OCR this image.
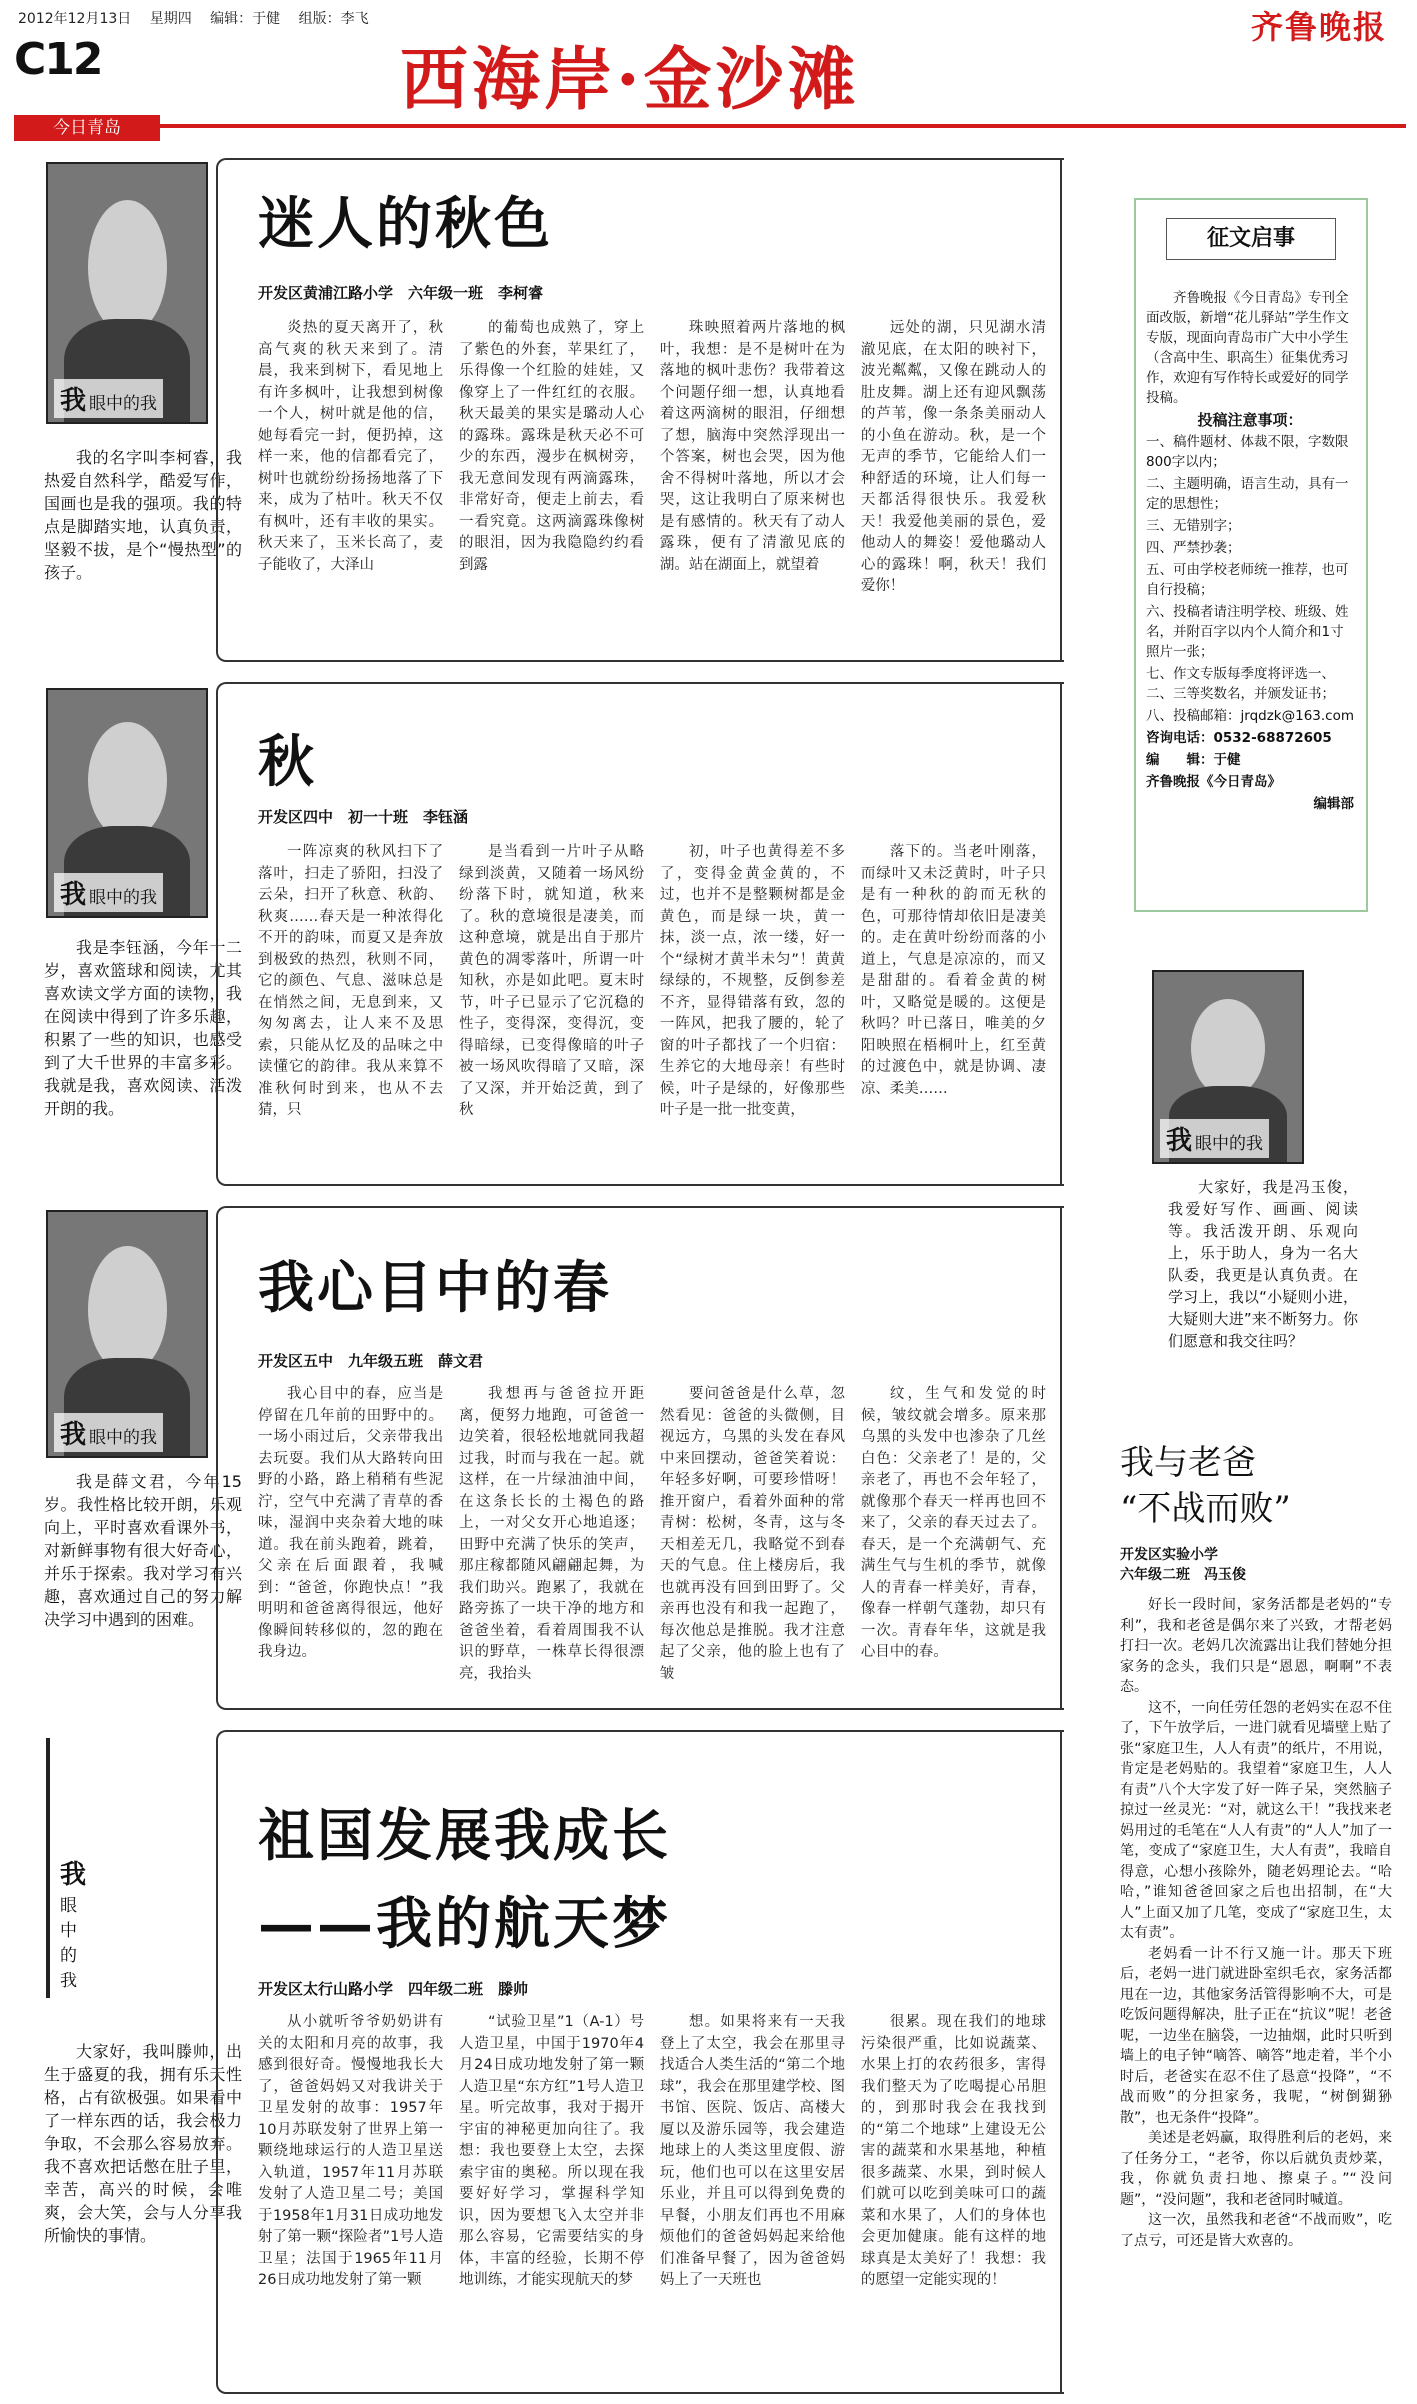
2012年12月13日 星期四 编辑：于健 组版：李飞	齐鲁晚报
C12	西海岸·金沙滩
今日青岛
我眼中的我
我的名字叫李柯睿，我热爱自然科学，酷爱写作，国画也是我的强项。我的特点是脚踏实地，认真负责，坚毅不拔，是个“慢热型”的孩子。
迷人的秋色
开发区黄浦江路小学　六年级一班　李柯睿

炎热的夏天离开了，秋高气爽的秋天来到了。清晨，我来到树下，看见地上有许多枫叶，让我想到树像一个人，树叶就是他的信，她每看完一封，便扔掉，这样一来，他的信都看完了，树叶也就纷纷扬扬地落了下来，成为了枯叶。秋天不仅有枫叶，还有丰收的果实。秋天来了，玉米长高了，麦子能收了，大泽山

的葡萄也成熟了，穿上了紫色的外套，苹果红了，乐得像一个红脸的娃娃，又像穿上了一件红红的衣服。秋天最美的果实是璐动人心的露珠。露珠是秋天必不可少的东西，漫步在枫树旁，我无意间发现有两滴露珠，非常好奇，便走上前去，看一看究竟。这两滴露珠像树的眼泪，因为我隐隐约约看到露

珠映照着两片落地的枫叶，我想：是不是树叶在为落地的枫叶悲伤？我带着这个问题仔细一想，认真地看着这两滴树的眼泪，仔细想了想，脑海中突然浮现出一个答案，树也会哭，因为他舍不得树叶落地，所以才会哭，这让我明白了原来树也是有感情的。秋天有了动人露珠，便有了清澈见底的湖。站在湖面上，就望着

远处的湖，只见湖水清澈见底，在太阳的映衬下，波光粼粼，又像在跳动人的肚皮舞。湖上还有迎风飘荡的芦苇，像一条条美丽动人的小鱼在游动。秋，是一个无声的季节，它能给人们一种舒适的环境，让人们每一天都活得很快乐。我爱秋天！我爱他美丽的景色，爱他动人的舞姿！爱他璐动人心的露珠！啊，秋天！我们爱你！

我眼中的我
我是李钰涵，今年十二岁，喜欢篮球和阅读，尤其喜欢读文学方面的读物，我在阅读中得到了许多乐趣，积累了一些的知识，也感受到了大千世界的丰富多彩。我就是我，喜欢阅读、活泼开朗的我。
秋
开发区四中　初一十班　李钰涵

一阵凉爽的秋风扫下了落叶，扫走了骄阳，扫没了云朵，扫开了秋意、秋韵、秋爽……春天是一种浓得化不开的韵味，而夏又是奔放到极致的热烈，秋则不同，它的颜色、气息、滋味总是在悄然之间，无息到来，又匆匆离去，让人来不及思索，只能从忆及的品味之中读懂它的韵律。我从来算不准秋何时到来，也从不去猜，只

是当看到一片叶子从略绿到淡黄，又随着一场风纷纷落下时，就知道，秋来了。秋的意境很是凄美，而这种意境，就是出自于那片黄色的凋零落叶，所谓一叶知秋，亦是如此吧。夏末时节，叶子已显示了它沉稳的性子，变得深，变得沉，变得暗绿，已变得像暗的叶子被一场风吹得暗了又暗，深了又深，并开始泛黄，到了秋

初，叶子也黄得差不多了，变得金黄金黄的，不过，也并不是整颗树都是金黄色，而是绿一块，黄一抹，淡一点，浓一缕，好一个“绿树才黄半未匀”！黄黄绿绿的，不规整，反倒参差不齐，显得错落有致，忽的一阵风，把我了腰的，轮了窗的叶子都找了一个归宿：生养它的大地母亲！有些时候，叶子是绿的，好像那些叶子是一批一批变黄，

落下的。当老叶刚落，而绿叶又未泛黄时，叶子只是有一种秋的韵而无秋的色，可那待情却依旧是凄美的。走在黄叶纷纷而落的小道上，气息是凉凉的，而又是甜甜的。看着金黄的树叶，又略觉是暖的。这便是秋吗？叶已落日，唯美的夕阳映照在梧桐叶上，红至黄的过渡色中，就是协调、凄凉、柔美……

我眼中的我
我是薛文君，今年15岁。我性格比较开朗，乐观向上，平时喜欢看课外书，对新鲜事物有很大好奇心，并乐于探索。我对学习有兴趣，喜欢通过自己的努力解决学习中遇到的困难。
我心目中的春
开发区五中　九年级五班　薛文君

我心目中的春，应当是停留在几年前的田野中的。一场小雨过后，父亲带我出去玩耍。我们从大路转向田野的小路，路上稍稍有些泥泞，空气中充满了青草的香味，湿润中夹杂着大地的味道。我在前头跑着，跳着，父亲在后面跟着，我喊到：“爸爸，你跑快点！”我明明和爸爸离得很远，他好像瞬间转移似的，忽的跑在我身边。

我想再与爸爸拉开距离，便努力地跑，可爸爸一边笑着，很轻松地就同我超过我，时而与我在一起。就这样，在一片绿油油中间，在这条长长的土褐色的路上，一对父女开心地追逐；田野中充满了快乐的笑声，那庄稼都随风翩翩起舞，为我们助兴。跑累了，我就在路旁拣了一块干净的地方和爸爸坐着，看着周围我不认识的野草，一株草长得很漂亮，我抬头

要问爸爸是什么草，忽然看见：爸爸的头微侧，目视远方，乌黑的头发在春风中来回摆动，爸爸笑着说：年轻多好啊，可要珍惜呀！推开窗户，看着外面种的常青树：松树，冬青，这与冬天相差无几，我略觉不到春天的气息。住上楼房后，我也就再没有回到田野了。父亲再也没有和我一起跑了，每次他总是推脱。我才注意起了父亲，他的脸上也有了皱

纹，生气和发觉的时候，皱纹就会增多。原来那乌黑的头发中也渗杂了几丝白色：父亲老了！是的，父亲老了，再也不会年轻了，就像那个春天一样再也回不来了，父亲的春天过去了。春天，是一个充满朝气、充满生气与生机的季节，就像人的青春一样美好，青春，像春一样朝气蓬勃，却只有一次。青春年华，这就是我心目中的春。

我眼中的我
大家好，我叫滕帅，出生于盛夏的我，拥有乐天性格，占有欲极强。如果看中了一样东西的话，我会极力争取，不会那么容易放弃。我不喜欢把话憋在肚子里，幸苦，高兴的时候，会唯爽，会大笑，会与人分享我所愉快的事情。
祖国发展我成长
——我的航天梦
开发区太行山路小学　四年级二班　滕帅

从小就听爷爷奶奶讲有关的太阳和月亮的故事，我感到很好奇。慢慢地我长大了，爸爸妈妈又对我讲关于卫星发射的故事：1957年10月苏联发射了世界上第一颗绕地球运行的人造卫星送入轨道，1957年11月苏联发射了人造卫星二号；美国于1958年1月31日成功地发射了第一颗“探险者”1号人造卫星；法国于1965年11月26日成功地发射了第一颗

“试验卫星”1（A-1）号人造卫星，中国于1970年4月24日成功地发射了第一颗人造卫星“东方红”1号人造卫星。听完故事，我对于揭开宇宙的神秘更加向往了。我想：我也要登上太空，去探索宇宙的奥秘。所以现在我要好好学习，掌握科学知识，因为要想飞入太空并非那么容易，它需要结实的身体，丰富的经验，长期不停地训练，才能实现航天的梦

想。如果将来有一天我登上了太空，我会在那里寻找适合人类生活的“第二个地球”，我会在那里建学校、图书馆、医院、饭店、高楼大厦以及游乐园等，我会建造地球上的人类这里度假、游玩，他们也可以在这里安居乐业，并且可以得到免费的早餐，小朋友们再也不用麻烦他们的爸爸妈妈起来给他们准备早餐了，因为爸爸妈妈上了一天班也

很累。现在我们的地球污染很严重，比如说蔬菜、水果上打的农药很多，害得我们整天为了吃喝提心吊胆的，到那时我会在我找到的“第二个地球”上建设无公害的蔬菜和水果基地，种植很多蔬菜、水果，到时候人们就可以吃到美味可口的蔬菜和水果了，人们的身体也会更加健康。能有这样的地球真是太美好了！我想：我的愿望一定能实现的！

征文启事

齐鲁晚报《今日青岛》专刊全面改版，新增“花儿驿站”学生作文专版，现面向青岛市广大中小学生（含高中生、职高生）征集优秀习作，欢迎有写作特长或爱好的同学投稿。

投稿注意事项：

一、稿件题材、体裁不限，字数限800字以内；

二、主题明确，语言生动，具有一定的思想性；

三、无错别字；

四、严禁抄袭；

五、可由学校老师统一推荐，也可自行投稿；

六、投稿者请注明学校、班级、姓名，并附百字以内个人简介和1寸照片一张；

七、作文专版每季度将评选一、二、三等奖数名，并颁发证书；

八、投稿邮箱：jrqdzk@163.com

咨询电话：0532-68872605

编　　辑：于健

齐鲁晚报《今日青岛》

编辑部

我眼中的我
大家好，我是冯玉俊，我爱好写作、画画、阅读等。我活泼开朗、乐观向上，乐于助人，身为一名大队委，我更是认真负责。在学习上，我以“小疑则小进，大疑则大进”来不断努力。你们愿意和我交往吗？
我与老爸
“不战而败”
开发区实验小学
六年级二班　冯玉俊

好长一段时间，家务活都是老妈的“专利”，我和老爸是偶尔来了兴致，才帮老妈打扫一次。老妈几次流露出让我们替她分担家务的念头，我们只是“恩恩，啊啊”不表态。

这不，一向任劳任怨的老妈实在忍不住了，下午放学后，一进门就看见墙壁上贴了张“家庭卫生，人人有责”的纸片，不用说，肯定是老妈贴的。我望着“家庭卫生，人人有责”八个大字发了好一阵子呆，突然脑子掠过一丝灵光：“对，就这么干！”我找来老妈用过的毛笔在“人人有责”的“人人”加了一笔，变成了“家庭卫生，大人有责”，我暗自得意，心想小孩除外，随老妈理论去。“哈哈，”谁知爸爸回家之后也出招制，在“大人”上面又加了几笔，变成了“家庭卫生，太太有责”。

老妈看一计不行又施一计。那天下班后，老妈一进门就进卧室织毛衣，家务活都甩在一边，其他家务活管得影响不大，可是吃饭问题得解决，肚子正在“抗议”呢！老爸呢，一边坐在脑袋，一边抽烟，此时只听到墙上的电子钟“嘀答、嘀答”地走着，半个小时后，老爸实在忍不住了恳意“投降”，“不战而败”的分担家务，我呢，“树倒猢狲散”，也无条件“投降”。

美述是老妈赢，取得胜利后的老妈，来了任务分工，“老爷，你以后就负责炒菜，我，你就负责扫地、擦桌子。”“没问题”，“没问题”，我和老爸同时喊道。

这一次，虽然我和老爸“不战而败”，吃了点亏，可还是皆大欢喜的。
